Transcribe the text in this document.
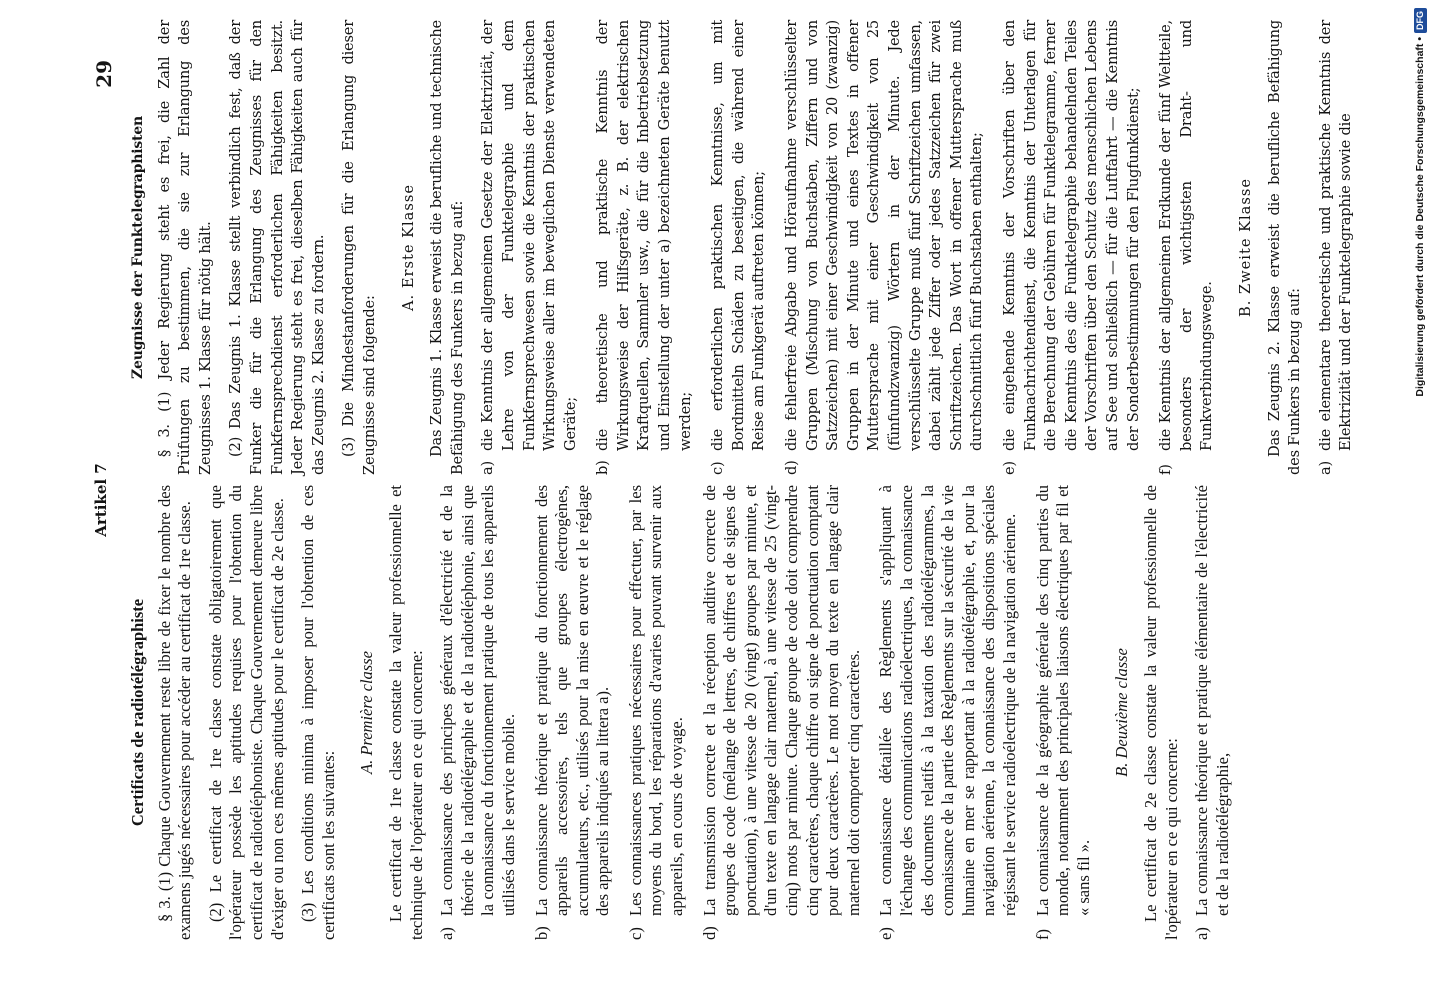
Artikel 7
29
Certificats de radiotélégraphiste § 3. (1) Chaque Gouvernement reste libre de fixer le nombre des examens jugés nécessaires pour accéder au certificat de 1re classe. (2) Le certificat de 1re classe constate obligatoirement que l'opérateur possède les aptitudes requises pour l'obtention du certificat de radiotéléphoniste. Chaque Gouvernement demeure libre d'exiger ou non ces mêmes aptitudes pour le certificat de 2e classe. (3) Les conditions minima à imposer pour l'obtention de ces certificats sont les suivantes:

A. Première classe Le certificat de 1re classe constate la valeur professionnelle et technique de l'opérateur en ce qui concerne: a)
La connaissance des principes généraux d'électricité et de la théorie de la radiotélégraphie et de la radiotéléphonie, ainsi que la connaissance du fonctionnement pratique de tous les appareils utilisés dans le service mobile.
b)
La connaissance théorique et pratique du fonctionnement des appareils accessoires, tels que groupes électrogènes, accumulateurs, etc., utilisés pour la mise en œuvre et le réglage des appareils indiqués au littera a).
c)
Les connaissances pratiques nécessaires pour effectuer, par les moyens du bord, les réparations d'avaries pouvant survenir aux appareils, en cours de voyage.
d)
La transmission correcte et la réception auditive correcte de groupes de code (mélange de lettres, de chiffres et de signes de ponctuation), à une vitesse de 20 (vingt) groupes par minute, et d'un texte en langage clair maternel, à une vitesse de 25 (vingt-cinq) mots par minute. Chaque groupe de code doit comprendre cinq caractères, chaque chiffre ou signe de ponctuation comptant pour deux caractères. Le mot moyen du texte en langage clair maternel doit comporter cinq caractères.
e)
La connaissance détaillée des Règlements s'appliquant à l'échange des communications radioélectriques, la connaissance des documents relatifs à la taxation des radiotélégrammes, la connaissance de la partie des Règlements sur la sécurité de la vie humaine en mer se rapportant à la radiotélégraphie, et, pour la navigation aérienne, la connaissance des dispositions spéciales régissant le service radioélectrique de la navigation aérienne.
f)
La connaissance de la géographie générale des cinq parties du monde, notamment des principales liaisons électriques par fil et « sans fil ».
B. Deuxième classe Le certificat de 2e classe constate la valeur professionnelle de l'opérateur en ce qui concerne: a)
La connaissance théorique et pratique élémentaire de l'électricité et de la radiotélégraphie,
Zeugnisse der Funktelegraphisten § 3. (1) Jeder Regierung steht es frei, die Zahl der Prüfungen zu bestimmen, die sie zur Erlangung des Zeugnisses 1. Klasse für nötig hält. (2) Das Zeugnis 1. Klasse stellt verbindlich fest, daß der Funker die für die Erlangung des Zeugnisses für den Funkfernsprechdienst erforderlichen Fähigkeiten besitzt. Jeder Regierung steht es frei, dieselben Fähigkeiten auch für das Zeugnis 2. Klasse zu fordern. (3) Die Mindestanforderungen für die Erlangung dieser Zeugnisse sind folgende:

A. Erste Klasse Das Zeugnis 1. Klasse erweist die berufliche und technische Befähigung des Funkers in bezug auf: a)
die Kenntnis der allgemeinen Gesetze der Elektrizität, der Lehre von der Funktelegraphie und dem Funkfernsprechwesen sowie die Kenntnis der praktischen Wirkungsweise aller im beweglichen Dienste verwendeten Geräte;
b)
die theoretische und praktische Kenntnis der Wirkungsweise der Hilfsgeräte, z. B. der elektrischen Kraftquellen, Sammler usw., die für die Inbetriebsetzung und Einstellung der unter a) bezeichneten Geräte benutzt werden;
c)
die erforderlichen praktischen Kenntnisse, um mit Bordmitteln Schäden zu beseitigen, die während einer Reise am Funkgerät auftreten können;
d)
die fehlerfreie Abgabe und Höraufnahme verschlüsselter Gruppen (Mischung von Buchstaben, Ziffern und von Satzzeichen) mit einer Geschwindigkeit von 20 (zwanzig) Gruppen in der Minute und eines Textes in offener Muttersprache mit einer Geschwindigkeit von 25 (fünfundzwanzig) Wörtern in der Minute. Jede verschlüsselte Gruppe muß fünf Schriftzeichen umfassen, dabei zählt jede Ziffer oder jedes Satzzeichen für zwei Schriftzeichen. Das Wort in offener Muttersprache muß durchschnittlich fünf Buchstaben enthalten;
e)
die eingehende Kenntnis der Vorschriften über den Funknachrichtendienst, die Kenntnis der Unterlagen für die Berechnung der Gebühren für Funktelegramme, ferner die Kenntnis des die Funktelegraphie behandelnden Teiles der Vorschriften über den Schutz des menschlichen Lebens auf See und schließlich — für die Luftfahrt — die Kenntnis der Sonderbestimmungen für den Flugfunkdienst;
f)
die Kenntnis der allgemeinen Erdkunde der fünf Weltteile, besonders der wichtigsten Draht- und Funkverbindungswege.
B. Zweite Klasse Das Zeugnis 2. Klasse erweist die berufliche Befähigung des Funkers in bezug auf: a)
die elementare theoretische und praktische Kenntnis der Elektrizität und der Funktelegraphie sowie die	Digitalisierung gefördert durch die Deutsche Forschungsgemeinschaft •
DFG
